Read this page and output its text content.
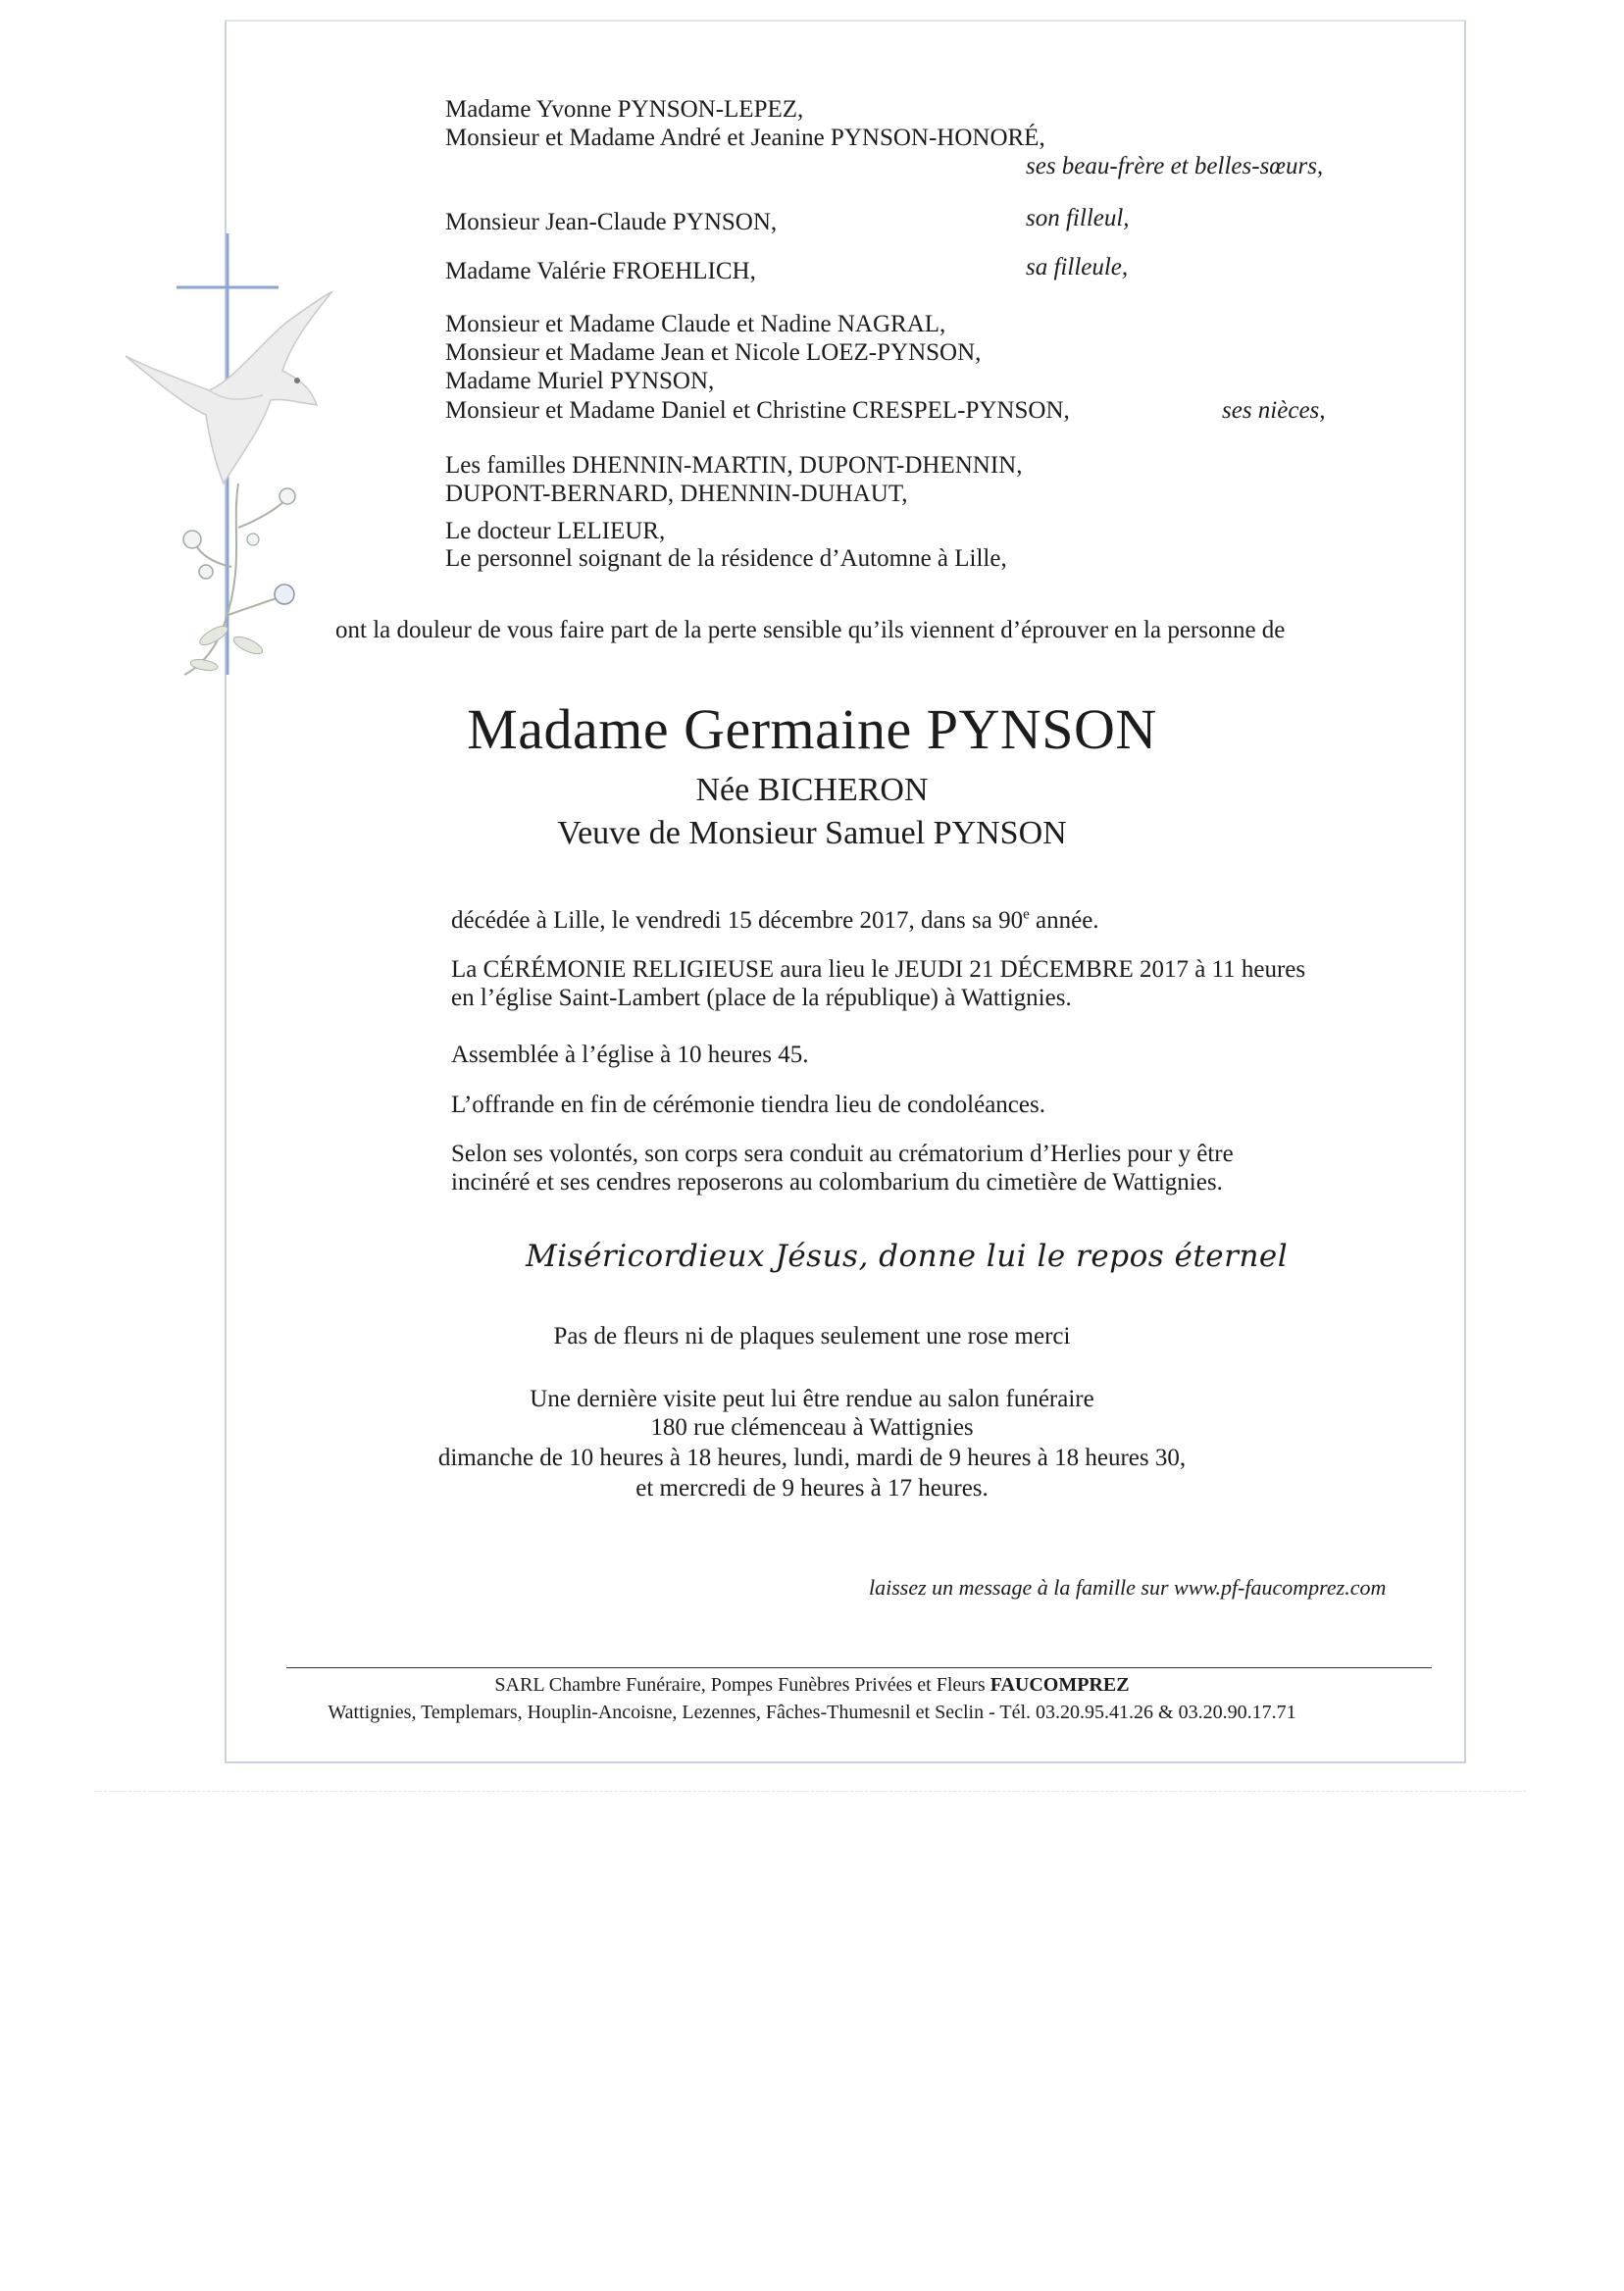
Madame Yvonne PYNSON-LEPEZ,
Monsieur et Madame André et Jeanine PYNSON-HONORÉ,
ses beau-frère et belles-sœurs,
Monsieur Jean-Claude PYNSON,	son filleul,
Madame Valérie FROEHLICH,	sa filleule,
Monsieur et Madame Claude et Nadine NAGRAL,
Monsieur et Madame Jean et Nicole LOEZ-PYNSON,
Madame Muriel PYNSON,
Monsieur et Madame Daniel et Christine CRESPEL-PYNSON,	ses nièces,
Les familles DHENNIN-MARTIN, DUPONT-DHENNIN,
DUPONT-BERNARD, DHENNIN-DUHAUT,
Le docteur LELIEUR,
Le personnel soignant de la résidence d’Automne à Lille,
ont la douleur de vous faire part de la perte sensible qu’ils viennent d’éprouver en la personne de
Madame Germaine PYNSON
Née BICHERON
Veuve de Monsieur Samuel PYNSON
décédée à Lille, le vendredi 15 décembre 2017, dans sa 90e année.
La CÉRÉMONIE RELIGIEUSE aura lieu le JEUDI 21 DÉCEMBRE 2017 à 11 heures
en l’église Saint-Lambert (place de la république) à Wattignies.
Assemblée à l’église à 10 heures 45.
L’offrande en fin de cérémonie tiendra lieu de condoléances.
Selon ses volontés, son corps sera conduit au crématorium d’Herlies pour y être
inciné​ré et ses cendres reposerons au colombarium du cimetière de Wattignies.
Miséricordieux Jésus, donne lui le repos éternel
Pas de fleurs ni de plaques seulement une rose merci
Une dernière visite peut lui être rendue au salon funéraire
180 rue clémenceau à Wattignies
dimanche de 10 heures à 18 heures, lundi, mardi de 9 heures à 18 heures 30,
et mercredi de 9 heures à 17 heures.
laissez un message à la famille sur www.pf-faucomprez.com
SARL Chambre Funéraire, Pompes Funèbres Privées et Fleurs FAUCOMPREZ
Wattignies, Templemars, Houplin-Ancoisne, Lezennes, Fâches-Thumesnil et Seclin - Tél. 03.20.95.41.26 & 03.20.90.17.71
